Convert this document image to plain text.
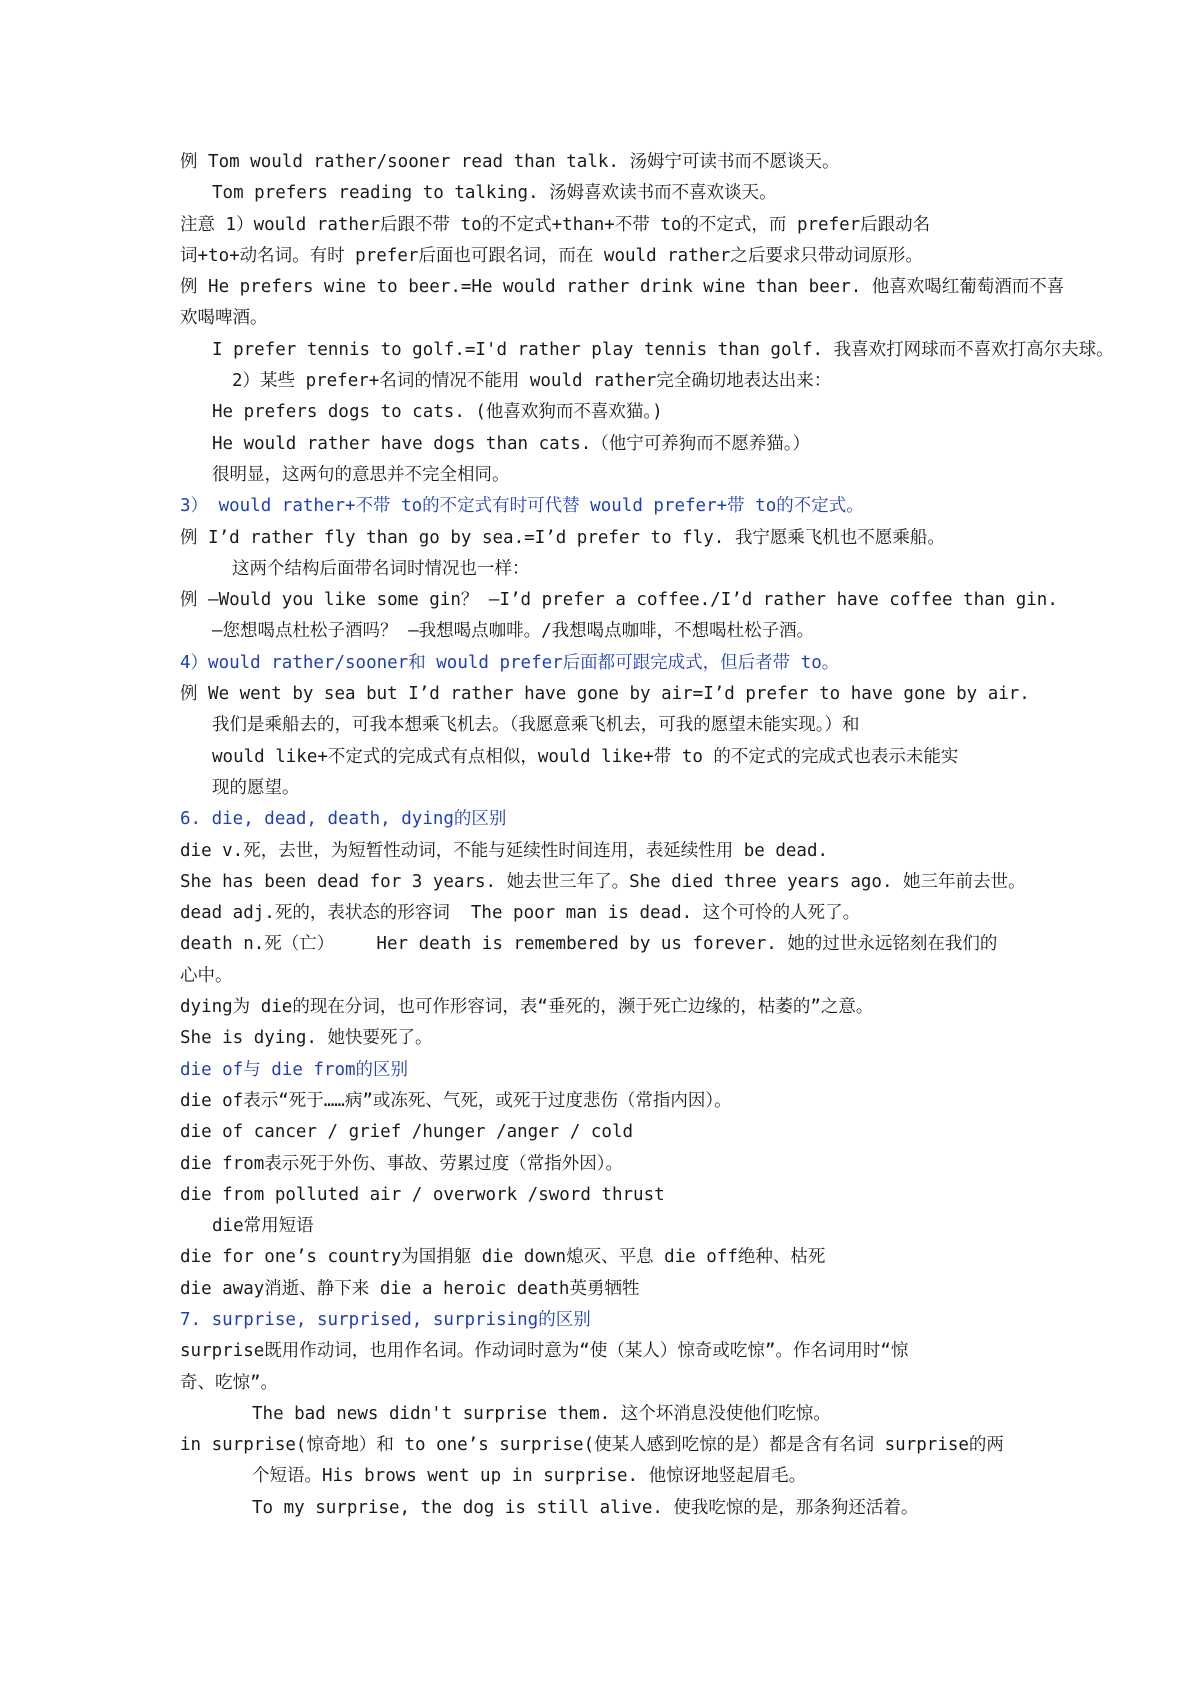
例 Tom would rather/sooner read than talk. 汤姆宁可读书而不愿谈天。
Tom prefers reading to talking. 汤姆喜欢读书而不喜欢谈天。
注意 1）would rather后跟不带 to的不定式+than+不带 to的不定式，而 prefer后跟动名
词+to+动名词。有时 prefer后面也可跟名词，而在 would rather之后要求只带动词原形。
例 He prefers wine to beer.=He would rather drink wine than beer. 他喜欢喝红葡萄酒而不喜
欢喝啤酒。
I prefer tennis to golf.=I'd rather play tennis than golf. 我喜欢打网球而不喜欢打高尔夫球。
2）某些 prefer+名词的情况不能用 would rather完全确切地表达出来：
He prefers dogs to cats. (他喜欢狗而不喜欢猫。)
He would rather have dogs than cats.（他宁可养狗而不愿养猫。）
很明显，这两句的意思并不完全相同。
3） would rather+不带 to的不定式有时可代替 would prefer+带 to的不定式。
例 I’d rather fly than go by sea.=I’d prefer to fly. 我宁愿乘飞机也不愿乘船。
这两个结构后面带名词时情况也一样：
例 —Would you like some gin？ —I’d prefer a coffee./I’d rather have coffee than gin.
—您想喝点杜松子酒吗？ —我想喝点咖啡。/我想喝点咖啡，不想喝杜松子酒。
4）would rather/sooner和 would prefer后面都可跟完成式，但后者带 to。
例 We went by sea but I’d rather have gone by air=I’d prefer to have gone by air.
我们是乘船去的，可我本想乘飞机去。（我愿意乘飞机去，可我的愿望未能实现。）和
would like+不定式的完成式有点相似，would like+带 to 的不定式的完成式也表示未能实
现的愿望。
6. die, dead, death, dying的区别
die v.死，去世，为短暂性动词，不能与延续性时间连用，表延续性用 be dead.
She has been dead for 3 years. 她去世三年了。She died three years ago. 她三年前去世。
dead adj.死的，表状态的形容词  The poor man is dead. 这个可怜的人死了。
death n.死（亡）    Her death is remembered by us forever. 她的过世永远铭刻在我们的
心中。
dying为 die的现在分词，也可作形容词，表“垂死的，濒于死亡边缘的，枯萎的”之意。
She is dying. 她快要死了。
die of与 die from的区别
die of表示“死于……病”或冻死、气死，或死于过度悲伤（常指内因）。
die of cancer / grief /hunger /anger / cold
die from表示死于外伤、事故、劳累过度（常指外因）。
die from polluted air / overwork /sword thrust
die常用短语
die for one’s country为国捐躯 die down熄灭、平息 die off绝种、枯死
die away消逝、静下来 die a heroic death英勇牺牲
7. surprise, surprised, surprising的区别
surprise既用作动词，也用作名词。作动词时意为“使（某人）惊奇或吃惊”。作名词用时“惊
奇、吃惊”。
The bad news didn't surprise them. 这个坏消息没使他们吃惊。
in surprise(惊奇地）和 to one’s surprise(使某人感到吃惊的是）都是含有名词 surprise的两
个短语。His brows went up in surprise. 他惊讶地竖起眉毛。
To my surprise, the dog is still alive. 使我吃惊的是，那条狗还活着。
